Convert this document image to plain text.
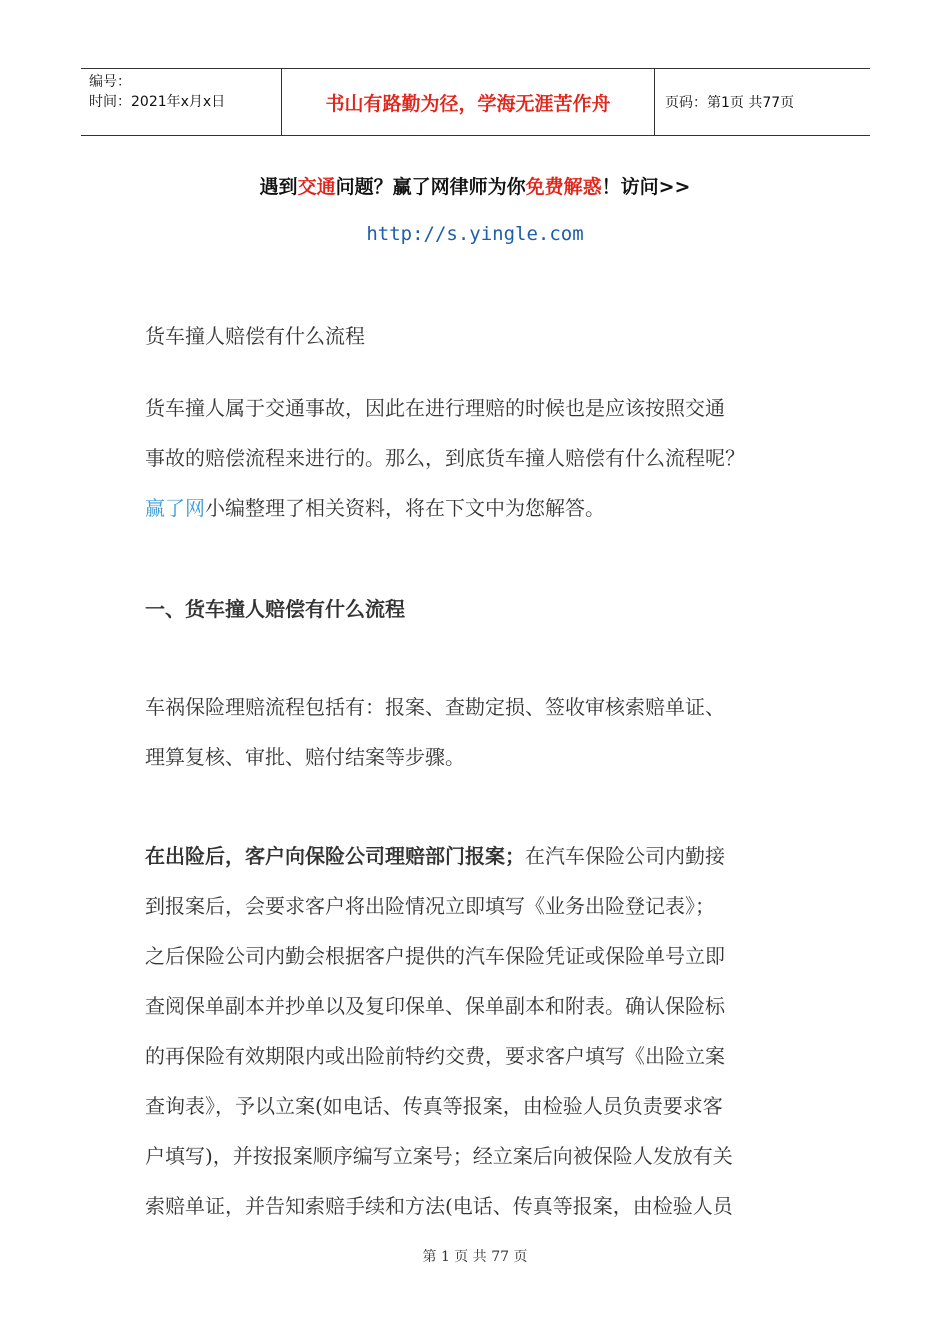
编号：
时间：2021年x月x日	书山有路勤为径，学海无涯苦作舟	页码：第1页 共77页
遇到交通问题？赢了网律师为你免费解惑！访问>>
http://s.yingle.com
货车撞人赔偿有什么流程

货车撞人属于交通事故，因此在进行理赔的时候也是应该按照交通

事故的赔偿流程来进行的。那么，到底货车撞人赔偿有什么流程呢？

赢了网小编整理了相关资料，将在下文中为您解答。

一、货车撞人赔偿有什么流程

车祸保险理赔流程包括有：报案、查勘定损、签收审核索赔单证、

理算复核、审批、赔付结案等步骤。

在出险后，客户向保险公司理赔部门报案；在汽车保险公司内勤接

到报案后，会要求客户将出险情况立即填写《业务出险登记表》；

之后保险公司内勤会根据客户提供的汽车保险凭证或保险单号立即

查阅保单副本并抄单以及复印保单、保单副本和附表。确认保险标

的再保险有效期限内或出险前特约交费，要求客户填写《出险立案

查询表》，予以立案(如电话、传真等报案，由检验人员负责要求客

户填写)，并按报案顺序编写立案号；经立案后向被保险人发放有关

索赔单证，并告知索赔手续和方法(电话、传真等报案，由检验人员

第 1 页 共 77 页
